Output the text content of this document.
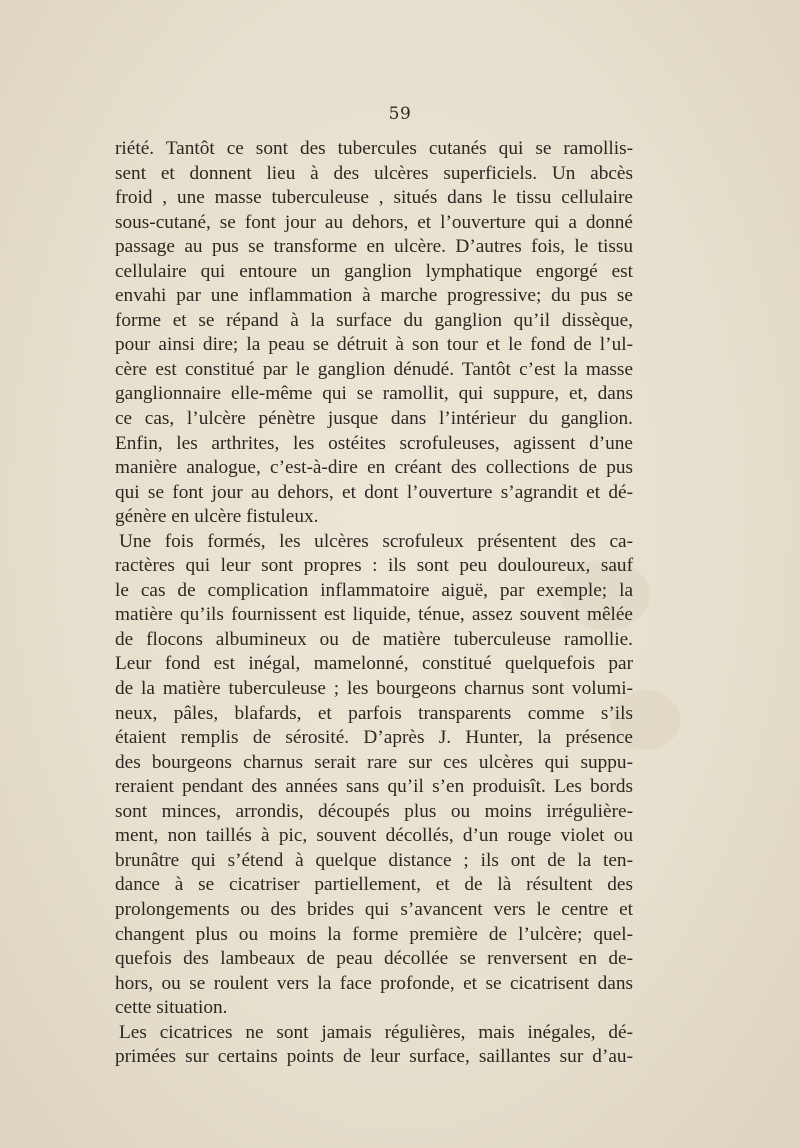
59
riété. Tantôt ce sont des tubercules cutanés qui se ramollis-
sent et donnent lieu à des ulcères superficiels. Un abcès
froid , une masse tuberculeuse , situés dans le tissu cellulaire
sous-cutané, se font jour au dehors, et l’ouverture qui a donné
passage au pus se transforme en ulcère. D’autres fois, le tissu
cellulaire qui entoure un ganglion lymphatique engorgé est
envahi par une inflammation à marche progressive; du pus se
forme et se répand à la surface du ganglion qu’il dissèque,
pour ainsi dire; la peau se détruit à son tour et le fond de l’ul-
cère est constitué par le ganglion dénudé. Tantôt c’est la masse
ganglionnaire elle-même qui se ramollit, qui suppure, et, dans
ce cas, l’ulcère pénètre jusque dans l’intérieur du ganglion.
Enfin, les arthrites, les ostéites scrofuleuses, agissent d’une
manière analogue, c’est-à-dire en créant des collections de pus
qui se font jour au dehors, et dont l’ouverture s’agrandit et dé-
génère en ulcère fistuleux.
Une fois formés, les ulcères scrofuleux présentent des ca-
ractères qui leur sont propres : ils sont peu douloureux, sauf
le cas de complication inflammatoire aiguë, par exemple; la
matière qu’ils fournissent est liquide, ténue, assez souvent mêlée
de flocons albumineux ou de matière tuberculeuse ramollie.
Leur fond est inégal, mamelonné, constitué quelquefois par
de la matière tuberculeuse ; les bourgeons charnus sont volumi-
neux, pâles, blafards, et parfois transparents comme s’ils
étaient remplis de sérosité. D’après J. Hunter, la présence
des bourgeons charnus serait rare sur ces ulcères qui suppu-
reraient pendant des années sans qu’il s’en produisît. Les bords
sont minces, arrondis, découpés plus ou moins irrégulière-
ment, non taillés à pic, souvent décollés, d’un rouge violet ou
brunâtre qui s’étend à quelque distance ; ils ont de la ten-
dance à se cicatriser partiellement, et de là résultent des
prolongements ou des brides qui s’avancent vers le centre et
changent plus ou moins la forme première de l’ulcère; quel-
quefois des lambeaux de peau décollée se renversent en de-
hors, ou se roulent vers la face profonde, et se cicatrisent dans
cette situation.
Les cicatrices ne sont jamais régulières, mais inégales, dé-
primées sur certains points de leur surface, saillantes sur d’au-
